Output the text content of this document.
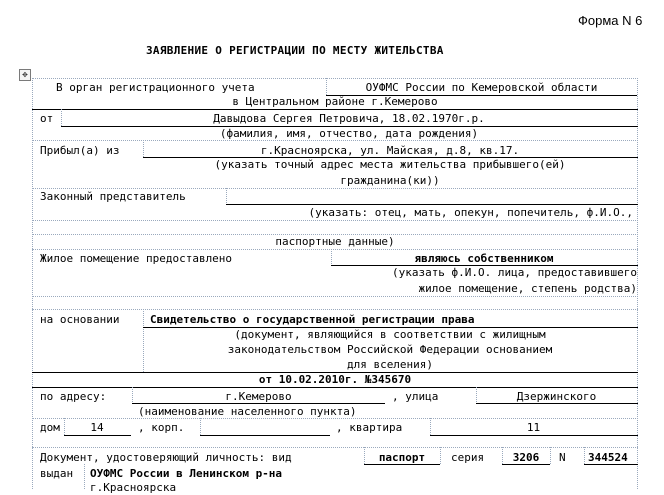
Форма N 6
ЗАЯВЛЕНИЕ О РЕГИСТРАЦИИ ПО МЕСТУ ЖИТЕЛЬСТВА
✥
В орган регистрационного учета	ОУФМС России по Кемеровской области
в Центральном районе г.Кемерово
от	Давыдова Сергея Петровича, 18.02.1970г.р.
(фамилия, имя, отчество, дата рождения)
Прибыл(а) из	г.Красноярска, ул. Майская, д.8, кв.17.
(указать точный адрес места жительства прибывшего(ей)
гражданина(ки))
Законный представитель
(указать: отец, мать, опекун, попечитель, ф.И.О.,
паспортные данные)
Жилое помещение предоставлено	являюсь собственником
(указать ф.И.О. лица, предоставившего
жилое помещение, степень родства)
на основании	Свидетельство о государственной регистрации права
(документ, являющийся в соответствии с жилищным
законодательством Российской Федерации основанием
для вселения)
от 10.02.2010г. №345670
по адресу:	г.Кемерово	, улица	Дзержинского
(наименование населенного пункта)
дом	14	, корп.	, квартира	11
Документ, удостоверяющий личность: вид	паспорт	серия	3206	N 344524
выдан ОУФМС России в Ленинском р-на
г.Красноярска
